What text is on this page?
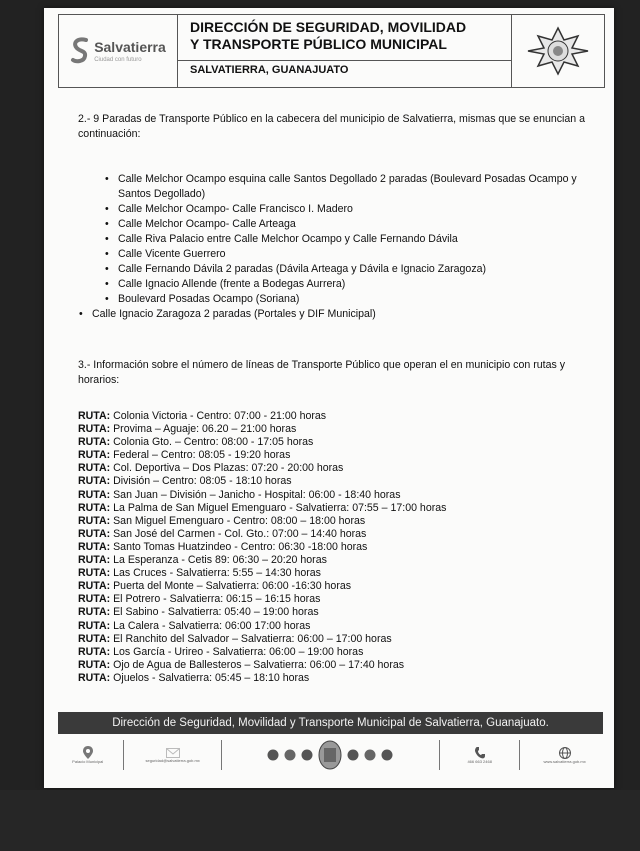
Salvatierra
Ciudad con futuro
DIRECCIÓN DE SEGURIDAD, MOVILIDAD
Y TRANSPORTE PÚBLICO MUNICIPAL
SALVATIERRA, GUANAJUATO

2.- 9 Paradas de Transporte Público en la cabecera del municipio de Salvatierra, mismas que se enuncian a continuación:

• Calle Melchor Ocampo esquina calle Santos Degollado 2 paradas (Boulevard Posadas Ocampo y Santos Degollado)
• Calle Melchor Ocampo- Calle Francisco I. Madero
• Calle Melchor Ocampo- Calle Arteaga
• Calle Riva Palacio entre Calle Melchor Ocampo y Calle Fernando Dávila
• Calle Vicente Guerrero
• Calle Fernando Dávila 2 paradas (Dávila Arteaga y Dávila e Ignacio Zaragoza)
• Calle Ignacio Allende (frente a Bodegas Aurrera)
• Boulevard Posadas Ocampo (Soriana)
• Calle Ignacio Zaragoza 2 paradas (Portales y DIF Municipal)

3.- Información sobre el número de líneas de Transporte Público que operan el en municipio con rutas y horarios:

RUTA: Colonia Victoria - Centro: 07:00 - 21:00 horas
RUTA: Provima – Aguaje: 06.20 – 21:00 horas
RUTA: Colonia Gto. – Centro: 08:00 - 17:05 horas
RUTA: Federal – Centro: 08:05 - 19:20 horas
RUTA: Col. Deportiva – Dos Plazas: 07:20 - 20:00 horas
RUTA: División – Centro: 08:05 - 18:10 horas
RUTA: San Juan – División – Janicho - Hospital: 06:00 - 18:40 horas
RUTA: La Palma de San Miguel Emenguaro - Salvatierra: 07:55 – 17:00 horas
RUTA: San Miguel Emenguaro - Centro: 08:00 – 18:00 horas
RUTA: San José del Carmen - Col. Gto.: 07:00 – 14:40 horas
RUTA: Santo Tomas Huatzindeo - Centro: 06:30 -18:00 horas
RUTA: La Esperanza - Cetis 89: 06:30 – 20:20 horas
RUTA: Las Cruces - Salvatierra: 5:55 – 14:30 horas
RUTA: Puerta del Monte – Salvatierra: 06:00 -16:30 horas
RUTA: El Potrero - Salvatierra: 06:15 – 16:15 horas
RUTA: El Sabino - Salvatierra: 05:40 – 19:00 horas
RUTA: La Calera - Salvatierra: 06:00 17:00 horas
RUTA: El Ranchito del Salvador – Salvatierra: 06:00 – 17:00 horas
RUTA: Los García - Urireo - Salvatierra: 06:00 – 19:00 horas
RUTA: Ojo de Agua de Ballesteros – Salvatierra: 06:00 – 17:40 horas
RUTA: Ojuelos - Salvatierra: 05:45 – 18:10 horas
Dirección de Seguridad, Movilidad y Transporte Municipal de Salvatierra, Guanajuato.
Palacio Municipal	seguridad@salvatierra.gob.mx	466 663 2468	www.salvatierra.gob.mx
